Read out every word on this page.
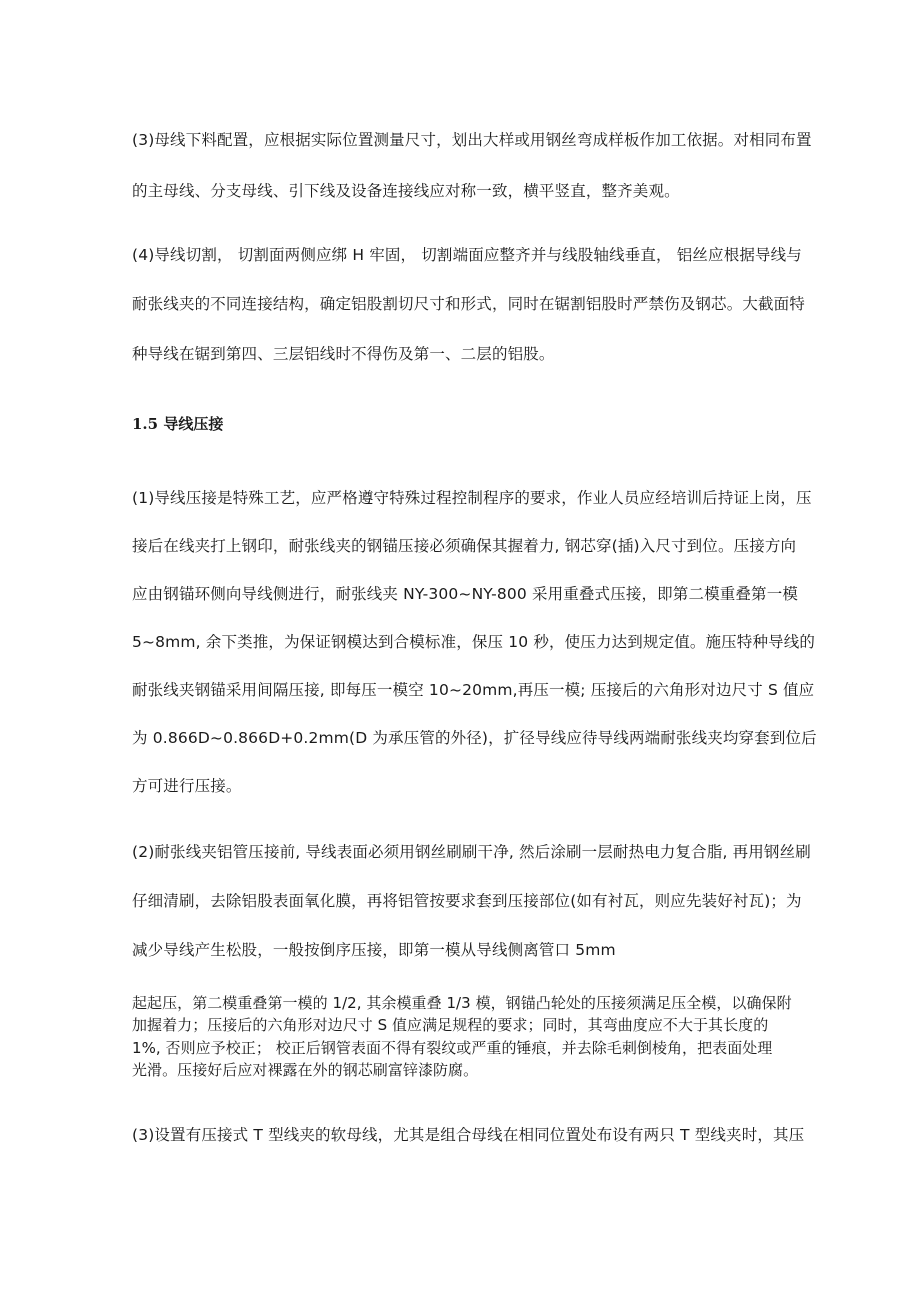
(3)母线下料配置，应根据实际位置测量尺寸，划出大样或用钢丝弯成样板作加工依据。对相同布置
的主母线、分支母线、引下线及设备连接线应对称一致，横平竖直，整齐美观。
(4)导线切割， 切割面两侧应绑 H 牢固， 切割端面应整齐并与线股轴线垂直， 铝丝应根据导线与
耐张线夹的不同连接结构，确定铝股割切尺寸和形式，同时在锯割铝股时严禁伤及钢芯。大截面特
种导线在锯到第四、三层铝线时不得伤及第一、二层的铝股。
1.5 导线压接
(1)导线压接是特殊工艺，应严格遵守特殊过程控制程序的要求，作业人员应经培训后持证上岗，压
接后在线夹打上钢印，耐张线夹的钢锚压接必须确保其握着力, 钢芯穿(插)入尺寸到位。压接方向
应由钢锚环侧向导线侧进行，耐张线夹 NY-300~NY-800 采用重叠式压接，即第二模重叠第一模
5~8mm, 余下类推，为保证钢模达到合模标准，保压 10 秒，使压力达到规定值。施压特种导线的
耐张线夹钢锚采用间隔压接, 即每压一模空 10~20mm,再压一模; 压接后的六角形对边尺寸 S 值应
为 0.866D~0.866D+0.2mm(D 为承压管的外径)，扩径导线应待导线两端耐张线夹均穿套到位后
方可进行压接。
(2)耐张线夹铝管压接前, 导线表面必须用钢丝刷刷干净, 然后涂刷一层耐热电力复合脂, 再用钢丝刷
仔细清刷，去除铝股表面氧化膜，再将铝管按要求套到压接部位(如有衬瓦，则应先装好衬瓦)；为
减少导线产生松股，一般按倒序压接，即第一模从导线侧离管口 5mm
起起压，第二模重叠第一模的 1/2, 其余模重叠 1/3 模，钢锚凸轮处的压接须满足压全模，以确保附
加握着力；压接后的六角形对边尺寸 S 值应满足规程的要求；同时，其弯曲度应不大于其长度的
1%, 否则应予校正； 校正后钢管表面不得有裂纹或严重的锤痕，并去除毛刺倒棱角，把表面处理
光滑。压接好后应对裸露在外的钢芯刷富锌漆防腐。
(3)设置有压接式 T 型线夹的软母线，尤其是组合母线在相同位置处布设有两只 T 型线夹时，其压
